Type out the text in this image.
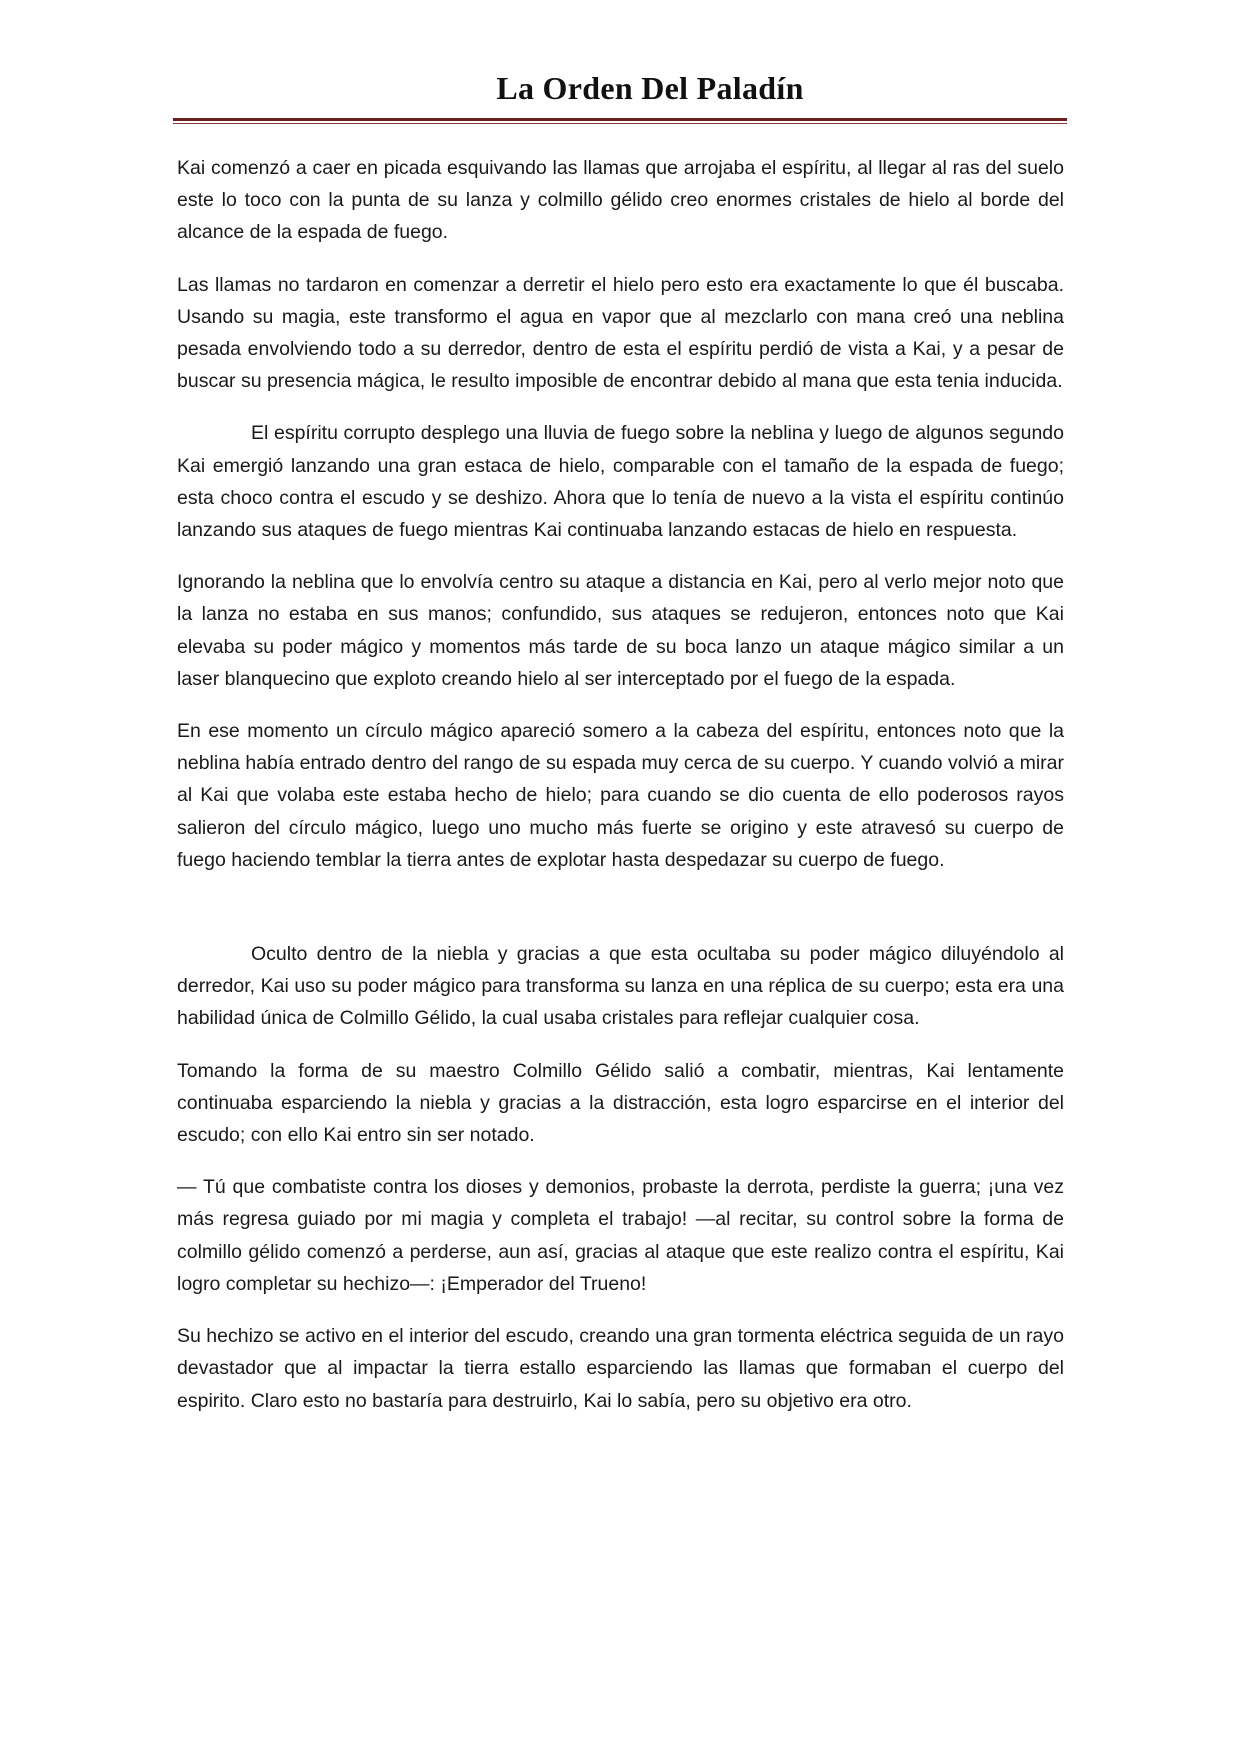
La Orden Del Paladín

Kai comenzó a caer en picada esquivando las llamas que arrojaba el espíritu, al llegar al ras del suelo este lo toco con la punta de su lanza y colmillo gélido creo enormes cristales de hielo al borde del alcance de la espada de fuego.

Las llamas no tardaron en comenzar a derretir el hielo pero esto era exactamente lo que él buscaba. Usando su magia, este transformo el agua en vapor que al mezclarlo con mana creó una neblina pesada envolviendo todo a su derredor, dentro de esta el espíritu perdió de vista a Kai, y a pesar de buscar su presencia mágica, le resulto imposible de encontrar debido al mana que esta tenia inducida.

El espíritu corrupto desplego una lluvia de fuego sobre la neblina y luego de algunos segundo Kai emergió lanzando una gran estaca de hielo, comparable con el tamaño de la espada de fuego; esta choco contra el escudo y se deshizo. Ahora que lo tenía de nuevo a la vista el espíritu continúo lanzando sus ataques de fuego mientras Kai continuaba lanzando estacas de hielo en respuesta.

Ignorando la neblina que lo envolvía centro su ataque a distancia en Kai, pero al verlo mejor noto que la lanza no estaba en sus manos; confundido, sus ataques se redujeron, entonces noto que Kai elevaba su poder mágico y momentos más tarde de su boca lanzo un ataque mágico similar a un laser blanquecino que exploto creando hielo al ser interceptado por el fuego de la espada.

En ese momento un círculo mágico apareció somero a la cabeza del espíritu, entonces noto que la neblina había entrado dentro del rango de su espada muy cerca de su cuerpo. Y cuando volvió a mirar al Kai que volaba este estaba hecho de hielo; para cuando se dio cuenta de ello poderosos rayos salieron del círculo mágico, luego uno mucho más fuerte se origino y este atravesó su cuerpo de fuego haciendo temblar la tierra antes de explotar hasta despedazar su cuerpo de fuego.

Oculto dentro de la niebla y gracias a que esta ocultaba su poder mágico diluyéndolo al derredor, Kai uso su poder mágico para transforma su lanza en una réplica de su cuerpo; esta era una habilidad única de Colmillo Gélido, la cual usaba cristales para reflejar cualquier cosa.

Tomando la forma de su maestro Colmillo Gélido salió a combatir, mientras, Kai lentamente continuaba esparciendo la niebla y gracias a la distracción, esta logro esparcirse en el interior del escudo; con ello Kai entro sin ser notado.

— Tú que combatiste contra los dioses y demonios, probaste la derrota, perdiste la guerra; ¡una vez más regresa guiado por mi magia y completa el trabajo! —al recitar, su control sobre la forma de colmillo gélido comenzó a perderse, aun así, gracias al ataque que este realizo contra el espíritu, Kai logro completar su hechizo—: ¡Emperador del Trueno!

Su hechizo se activo en el interior del escudo, creando una gran tormenta eléctrica seguida de un rayo devastador que al impactar la tierra estallo esparciendo las llamas que formaban el cuerpo del espirito. Claro esto no bastaría para destruirlo, Kai lo sabía, pero su objetivo era otro.
